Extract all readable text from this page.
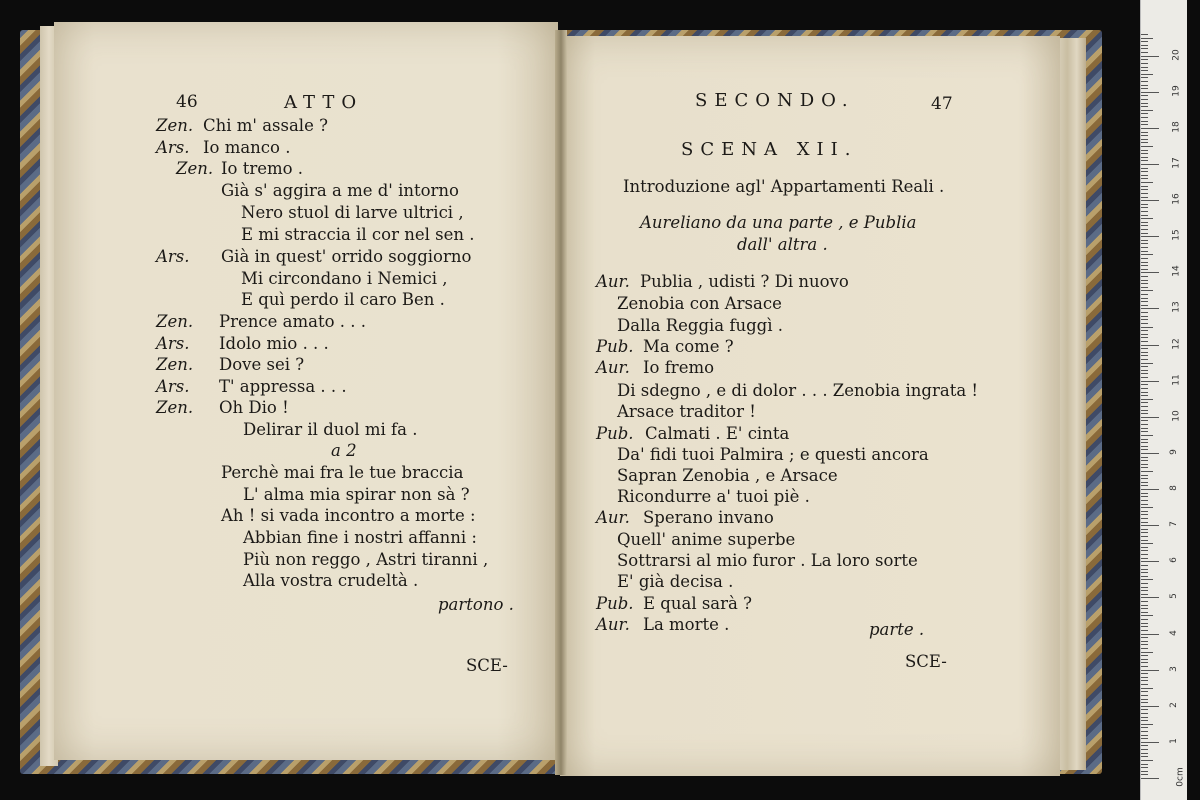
46	ATTO
Zen. Chi m' assale ?
Ars. Io manco .
Zen. Io tremo .
Già s' aggira a me d' intorno
Nero stuol di larve ultrici ,
E mi straccia il cor nel sen .
Ars. Già in quest' orrido soggiorno
Mi circondano i Nemici ,
E quì perdo il caro Ben .
Zen. Prence amato . . .
Ars. Idolo mio . . .
Zen. Dove sei ?
Ars. T' appressa . . .
Zen. Oh Dio !
Delirar il duol mi fa .
a 2
Perchè mai fra le tue braccia
L' alma mia spirar non sà ?
Ah ! si vada incontro a morte :
Abbian fine i nostri affanni :
Più non reggo , Astri tiranni ,
Alla vostra crudeltà .
partono .
SCE-
SECONDO.	47
SCENA XII.
Introduzione agl' Appartamenti Reali .
Aureliano da una parte , e Publia
dall' altra .
Aur. Publia , udisti ? Di nuovo
Zenobia con Arsace
Dalla Reggia fuggì .
Pub. Ma come ?
Aur. Io fremo
Di sdegno , e di dolor . . . Zenobia ingrata !
Arsace traditor !
Pub. Calmati . E' cinta
Da' fidi tuoi Palmira ; e questi ancora
Sapran Zenobia , e Arsace
Ricondurre a' tuoi piè .
Aur. Sperano invano
Quell' anime superbe
Sottrarsi al mio furor . La loro sorte
E' già decisa .
Pub. E qual sarà ?
Aur. La morte .	parte .
SCE-
0cm
1
2
3
4
5
6
7
8
9
10
11
12
13
14
15
16
17
18
19
20
